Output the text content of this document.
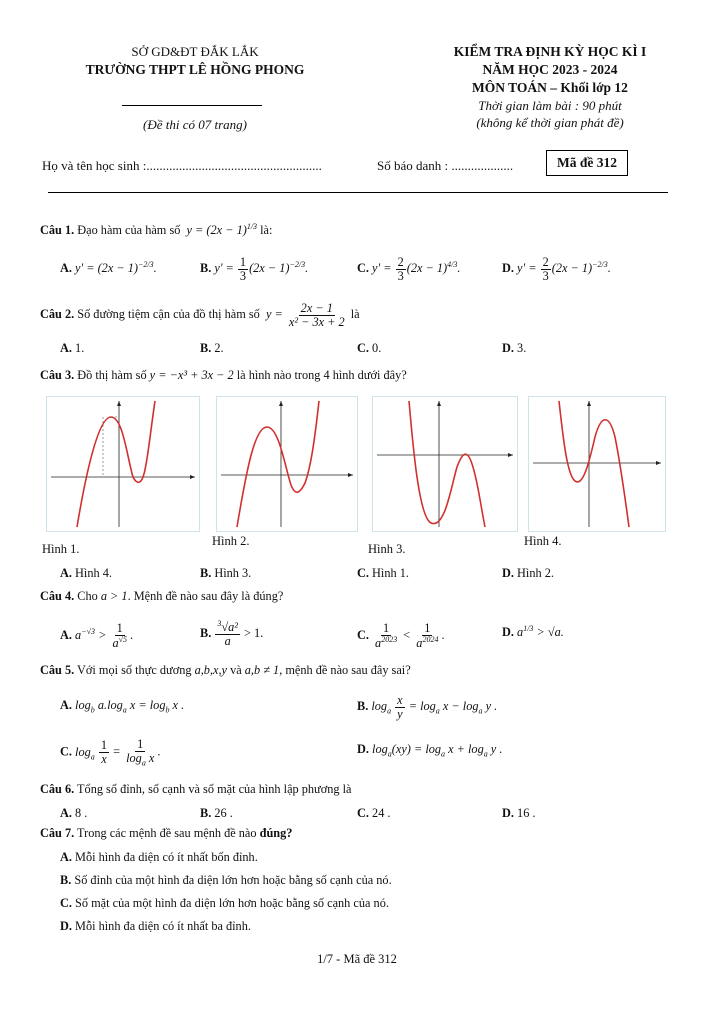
SỞ GD&ĐT ĐẮK LẮK
TRƯỜNG THPT LÊ HỒNG PHONG
(Đề thi có 07 trang)
KIỂM TRA ĐỊNH KỲ HỌC KÌ I
NĂM HỌC 2023 - 2024
MÔN TOÁN – Khối lớp 12
Thời gian làm bài : 90 phút
(không kể thời gian phát đề)
Họ và tên học sinh :......................................................	Số báo danh : ...................	Mã đề 312
Câu 1. Đạo hàm của hàm số  $y = (2x - 1)^{1/3}$ là:
A. $y' = (2x - 1)^{-2/3}$.	B. $y' = \frac{1}{3} (2x - 1)^{-2/3}$.	C. $y' = \frac{2}{3} (2x - 1)^{4/3}$.	D. $y' = \frac{2}{3} (2x - 1)^{-2/3}$.
Câu 2. Số đường tiệm cận của đồ thị hàm số  $y = \frac{2x - 1}{\text{x² − 3x + 2}}$ là
A. 1.	B. 2.	C. 0.	D. 3.
Câu 3. Đồ thị hàm số y = −x³ + 3x − 2 là hình nào trong 4 hình dưới đây?
Hình 1.
Hình 2.
Hình 3.
Hình 4.
A. Hình 4.	B. Hình 3.	C. Hình 1.	D. Hình 2.
Câu 4. Cho a > 1. Mệnh đề nào sau đây là đúng?
A. $a^{-√3} > \frac{1}{a^{√5}}$ .	B. $\frac{^3√a^2}{a} > 1$.	C. $\frac{1}{a^{2023}} < \frac{1}{a^{2024}}$ .	D. $a^{1/3} > √a$.
Câu 5. Với mọi số thực dương a,b,x,y và a,b ≠ 1, mệnh đề nào sau đây sai?
A. $\log_b a.\log_a$ $x = \log_b x$ .	B. $\log_a \frac{x}{y} = \log_a x - \log_a y$ .
C. $\log_a \frac{1}{x} = \frac{1}{\log_a x}$ .	D. $\log_a(xy) = \log_a x + \log_a y$ .
Câu 6. Tổng số đỉnh, số cạnh và số mặt của hình lập phương là
A. 8 .	B. 26 .	C. 24 .	D. 16 .
Câu 7. Trong các mệnh đề sau mệnh đề nào đúng?
A. Mỗi hình đa diện có ít nhất bốn đỉnh.
B. Số đỉnh của một hình đa diện lớn hơn hoặc bằng số cạnh của nó.
C. Số mặt của một hình đa diện lớn hơn hoặc bằng số cạnh của nó.
D. Mỗi hình đa diện có ít nhất ba đỉnh.
1/7 - Mã đề 312
